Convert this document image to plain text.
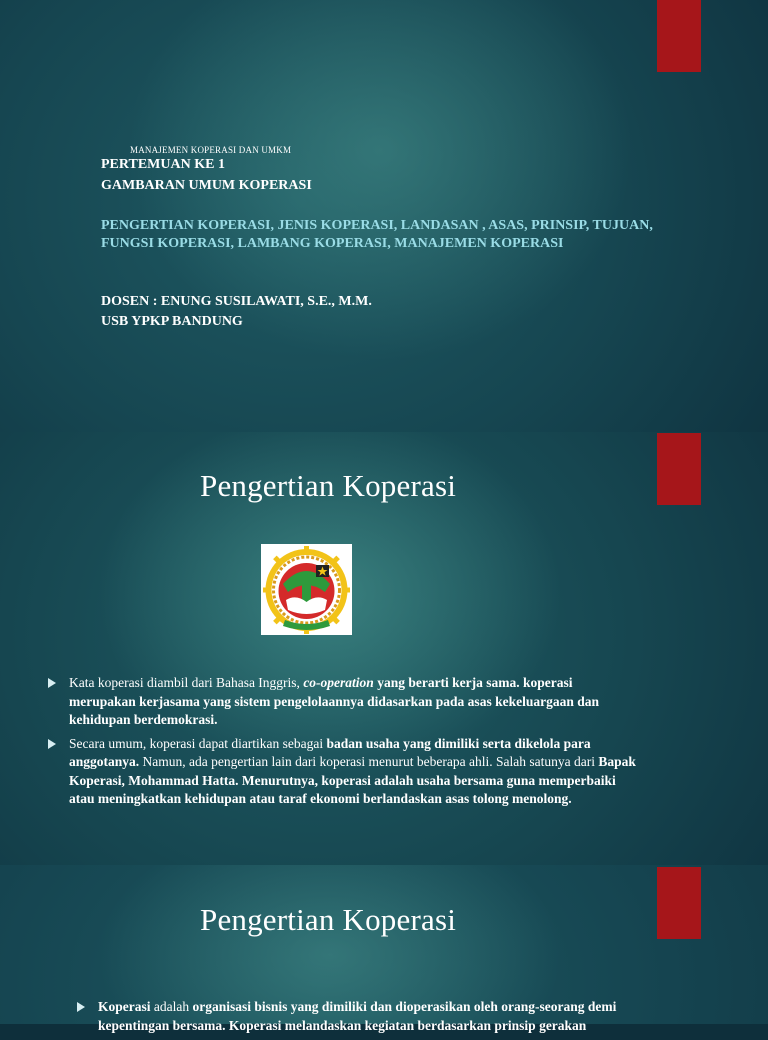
MANAJEMEN KOPERASI DAN UMKM
PERTEMUAN KE 1
GAMBARAN UMUM KOPERASI
PENGERTIAN KOPERASI, JENIS KOPERASI, LANDASAN , ASAS, PRINSIP, TUJUAN, FUNGSI KOPERASI, LAMBANG KOPERASI, MANAJEMEN KOPERASI
DOSEN : ENUNG SUSILAWATI, S.E., M.M.
USB YPKP BANDUNG
Pengertian Koperasi
Kata koperasi diambil dari Bahasa Inggris, co-operation yang berarti kerja sama. koperasi merupakan kerjasama yang sistem pengelolaannya didasarkan pada asas kekeluargaan dan kehidupan berdemokrasi.
Secara umum, koperasi dapat diartikan sebagai badan usaha yang dimiliki serta dikelola para anggotanya. Namun, ada pengertian lain dari koperasi menurut beberapa ahli. Salah satunya dari Bapak Koperasi, Mohammad Hatta. Menurutnya, koperasi adalah usaha bersama guna memperbaiki atau meningkatkan kehidupan atau taraf ekonomi berlandaskan asas tolong menolong.
Pengertian Koperasi
Koperasi adalah organisasi bisnis yang dimiliki dan dioperasikan oleh orang-seorang demi kepentingan bersama. Koperasi melandaskan kegiatan berdasarkan prinsip gerakan
